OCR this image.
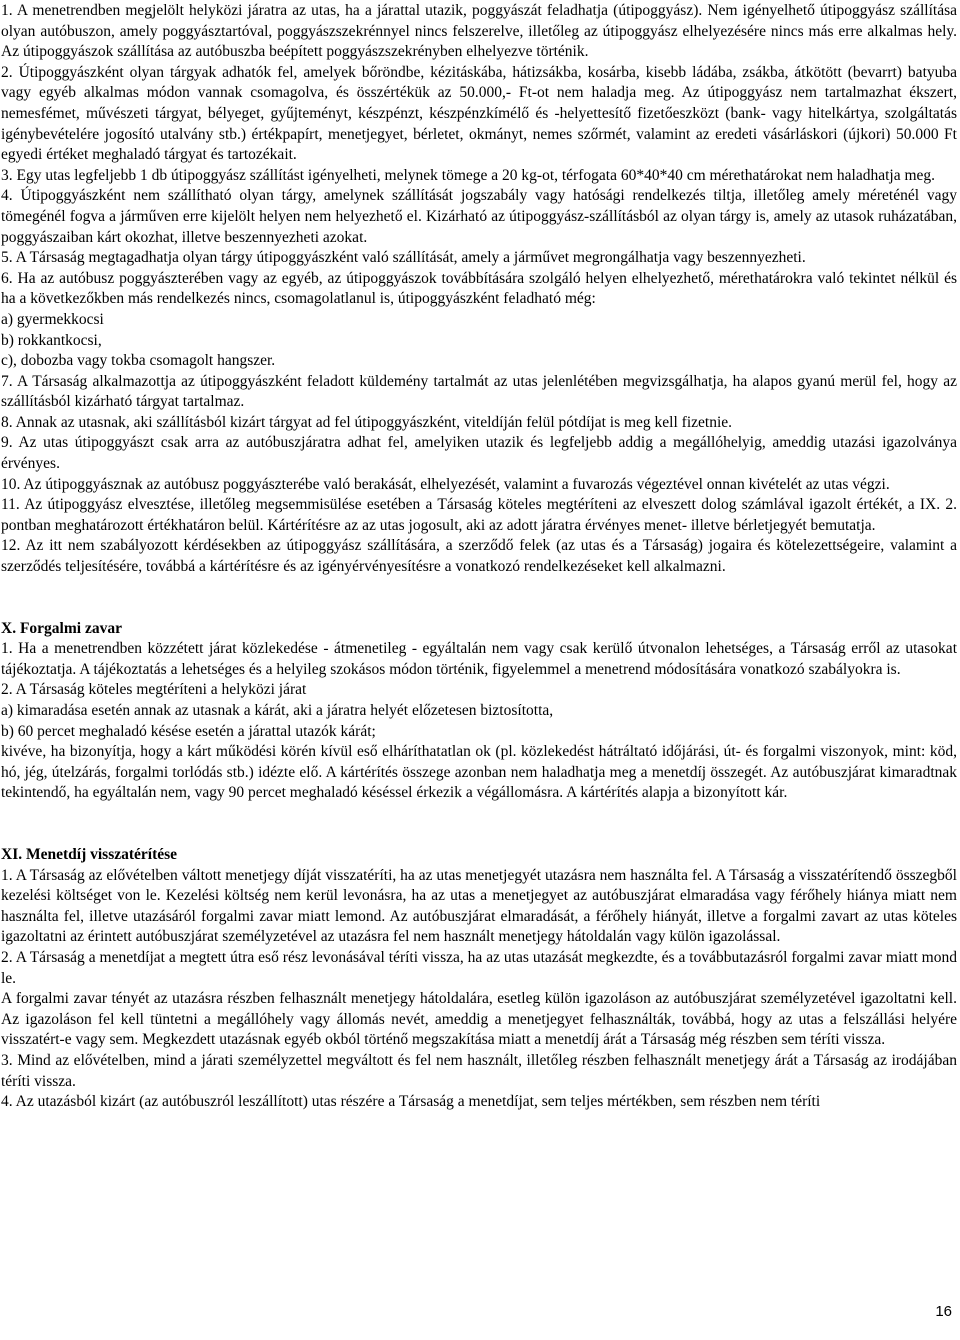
1. A menetrendben megjelölt helyközi járatra az utas, ha a járattal utazik, poggyászát feladhatja (útipoggyász). Nem igényelhető útipoggyász szállítása olyan autóbuszon, amely poggyásztartóval, poggyászszekrénnyel nincs felszerelve, illetőleg az útipoggyász elhelyezésére nincs más erre alkalmas hely. Az útipoggyászok szállítása az autóbuszba beépített poggyászszekrényben elhelyezve történik.

2. Útipoggyászként olyan tárgyak adhatók fel, amelyek bőröndbe, kézitáskába, hátizsákba, kosárba, kisebb ládába, zsákba, átkötött (bevarrt) batyuba vagy egyéb alkalmas módon vannak csomagolva, és összértékük az 50.000,- Ft-ot nem haladja meg. Az útipoggyász nem tartalmazhat ékszert, nemesfémet, művészeti tárgyat, bélyeget, gyűjteményt, készpénzt, készpénzkímélő és -helyettesítő fizetőeszközt (bank- vagy hitelkártya, szolgáltatás igénybevételére jogosító utalvány stb.) értékpapírt, menetjegyet, bérletet, okmányt, nemes szőrmét, valamint az eredeti vásárláskori (újkori) 50.000 Ft egyedi értéket meghaladó tárgyat és tartozékait.

3. Egy utas legfeljebb 1 db útipoggyász szállítást igényelheti, melynek tömege a 20 kg-ot, térfogata 60*40*40 cm mérethatárokat nem haladhatja meg.

4. Útipoggyászként nem szállítható olyan tárgy, amelynek szállítását jogszabály vagy hatósági rendelkezés tiltja, illetőleg amely méreténél vagy tömegénél fogva a járműven erre kijelölt helyen nem helyezhető el. Kizárható az útipoggyász-szállításból az olyan tárgy is, amely az utasok ruházatában, poggyászaiban kárt okozhat, illetve beszennyezheti azokat.

5. A Társaság megtagadhatja olyan tárgy útipoggyászként való szállítását, amely a járművet megrongálhatja vagy beszennyezheti.

6. Ha az autóbusz poggyászterében vagy az egyéb, az útipoggyászok továbbítására szolgáló helyen elhelyezhető, mérethatárokra való tekintet nélkül és ha a következőkben más rendelkezés nincs, csomagolatlanul is, útipoggyászként feladható még:

a) gyermekkocsi

b) rokkantkocsi,

c), dobozba vagy tokba csomagolt hangszer.

7. A Társaság alkalmazottja az útipoggyászként feladott küldemény tartalmát az utas jelenlétében megvizsgálhatja, ha alapos gyanú merül fel, hogy az szállításból kizárható tárgyat tartalmaz.

8. Annak az utasnak, aki szállításból kizárt tárgyat ad fel útipoggyászként, viteldíján felül pótdíjat is meg kell fizetnie.

9. Az utas útipoggyászt csak arra az autóbuszjáratra adhat fel, amelyiken utazik és legfeljebb addig a megállóhelyig, ameddig utazási igazolványa érvényes.

10. Az útipoggyásznak az autóbusz poggyászterébe való berakását, elhelyezését, valamint a fuvarozás végeztével onnan kivételét az utas végzi.

11. Az útipoggyász elvesztése, illetőleg megsemmisülése esetében a Társaság köteles megtéríteni az elveszett dolog számlával igazolt értékét, a IX. 2. pontban meghatározott értékhatáron belül. Kártérítésre az az utas jogosult, aki az adott járatra érvényes menet- illetve bérletjegyét bemutatja.

12. Az itt nem szabályozott kérdésekben az útipoggyász szállítására, a szerződő felek (az utas és a Társaság) jogaira és kötelezettségeire, valamint a szerződés teljesítésére, továbbá a kártérítésre és az igényérvényesítésre a vonatkozó rendelkezéseket kell alkalmazni.

X. Forgalmi zavar

1. Ha a menetrendben közzétett járat közlekedése - átmenetileg - egyáltalán nem vagy csak kerülő útvonalon lehetséges, a Társaság erről az utasokat tájékoztatja. A tájékoztatás a lehetséges és a helyileg szokásos módon történik, figyelemmel a menetrend módosítására vonatkozó szabályokra is.

2. A Társaság köteles megtéríteni a helyközi járat

a) kimaradása esetén annak az utasnak a kárát, aki a járatra helyét előzetesen biztosította,

b) 60 percet meghaladó késése esetén a járattal utazók kárát;

kivéve, ha bizonyítja, hogy a kárt működési körén kívül eső elháríthatatlan ok (pl. közlekedést hátráltató időjárási, út- és forgalmi viszonyok, mint: köd, hó, jég, útelzárás, forgalmi torlódás stb.) idézte elő. A kártérítés összege azonban nem haladhatja meg a menetdíj összegét. Az autóbuszjárat kimaradtnak tekintendő, ha egyáltalán nem, vagy 90 percet meghaladó késéssel érkezik a végállomásra. A kártérítés alapja a bizonyított kár.

XI. Menetdíj visszatérítése

1. A Társaság az elővételben váltott menetjegy díját visszatéríti, ha az utas menetjegyét utazásra nem használta fel. A Társaság a visszatérítendő összegből kezelési költséget von le. Kezelési költség nem kerül levonásra, ha az utas a menetjegyet az autóbuszjárat elmaradása vagy férőhely hiánya miatt nem használta fel, illetve utazásáról forgalmi zavar miatt lemond. Az autóbuszjárat elmaradását, a férőhely hiányát, illetve a forgalmi zavart az utas köteles igazoltatni az érintett autóbuszjárat személyzetével az utazásra fel nem használt menetjegy hátoldalán vagy külön igazolással.

2. A Társaság a menetdíjat a megtett útra eső rész levonásával téríti vissza, ha az utas utazását megkezdte, és a továbbutazásról forgalmi zavar miatt mond le.

A forgalmi zavar tényét az utazásra részben felhasznált menetjegy hátoldalára, esetleg külön igazoláson az autóbuszjárat személyzetével igazoltatni kell. Az igazoláson fel kell tüntetni a megállóhely vagy állomás nevét, ameddig a menetjegyet felhasználták, továbbá, hogy az utas a felszállási helyére visszatért-e vagy sem. Megkezdett utazásnak egyéb okból történő megszakítása miatt a menetdíj árát a Társaság még részben sem téríti vissza.

3. Mind az elővételben, mind a járati személyzettel megváltott és fel nem használt, illetőleg részben felhasznált menetjegy árát a Társaság az irodájában téríti vissza.

4. Az utazásból kizárt (az autóbuszról leszállított) utas részére a Társaság a menetdíjat, sem teljes mértékben, sem részben nem téríti

16
